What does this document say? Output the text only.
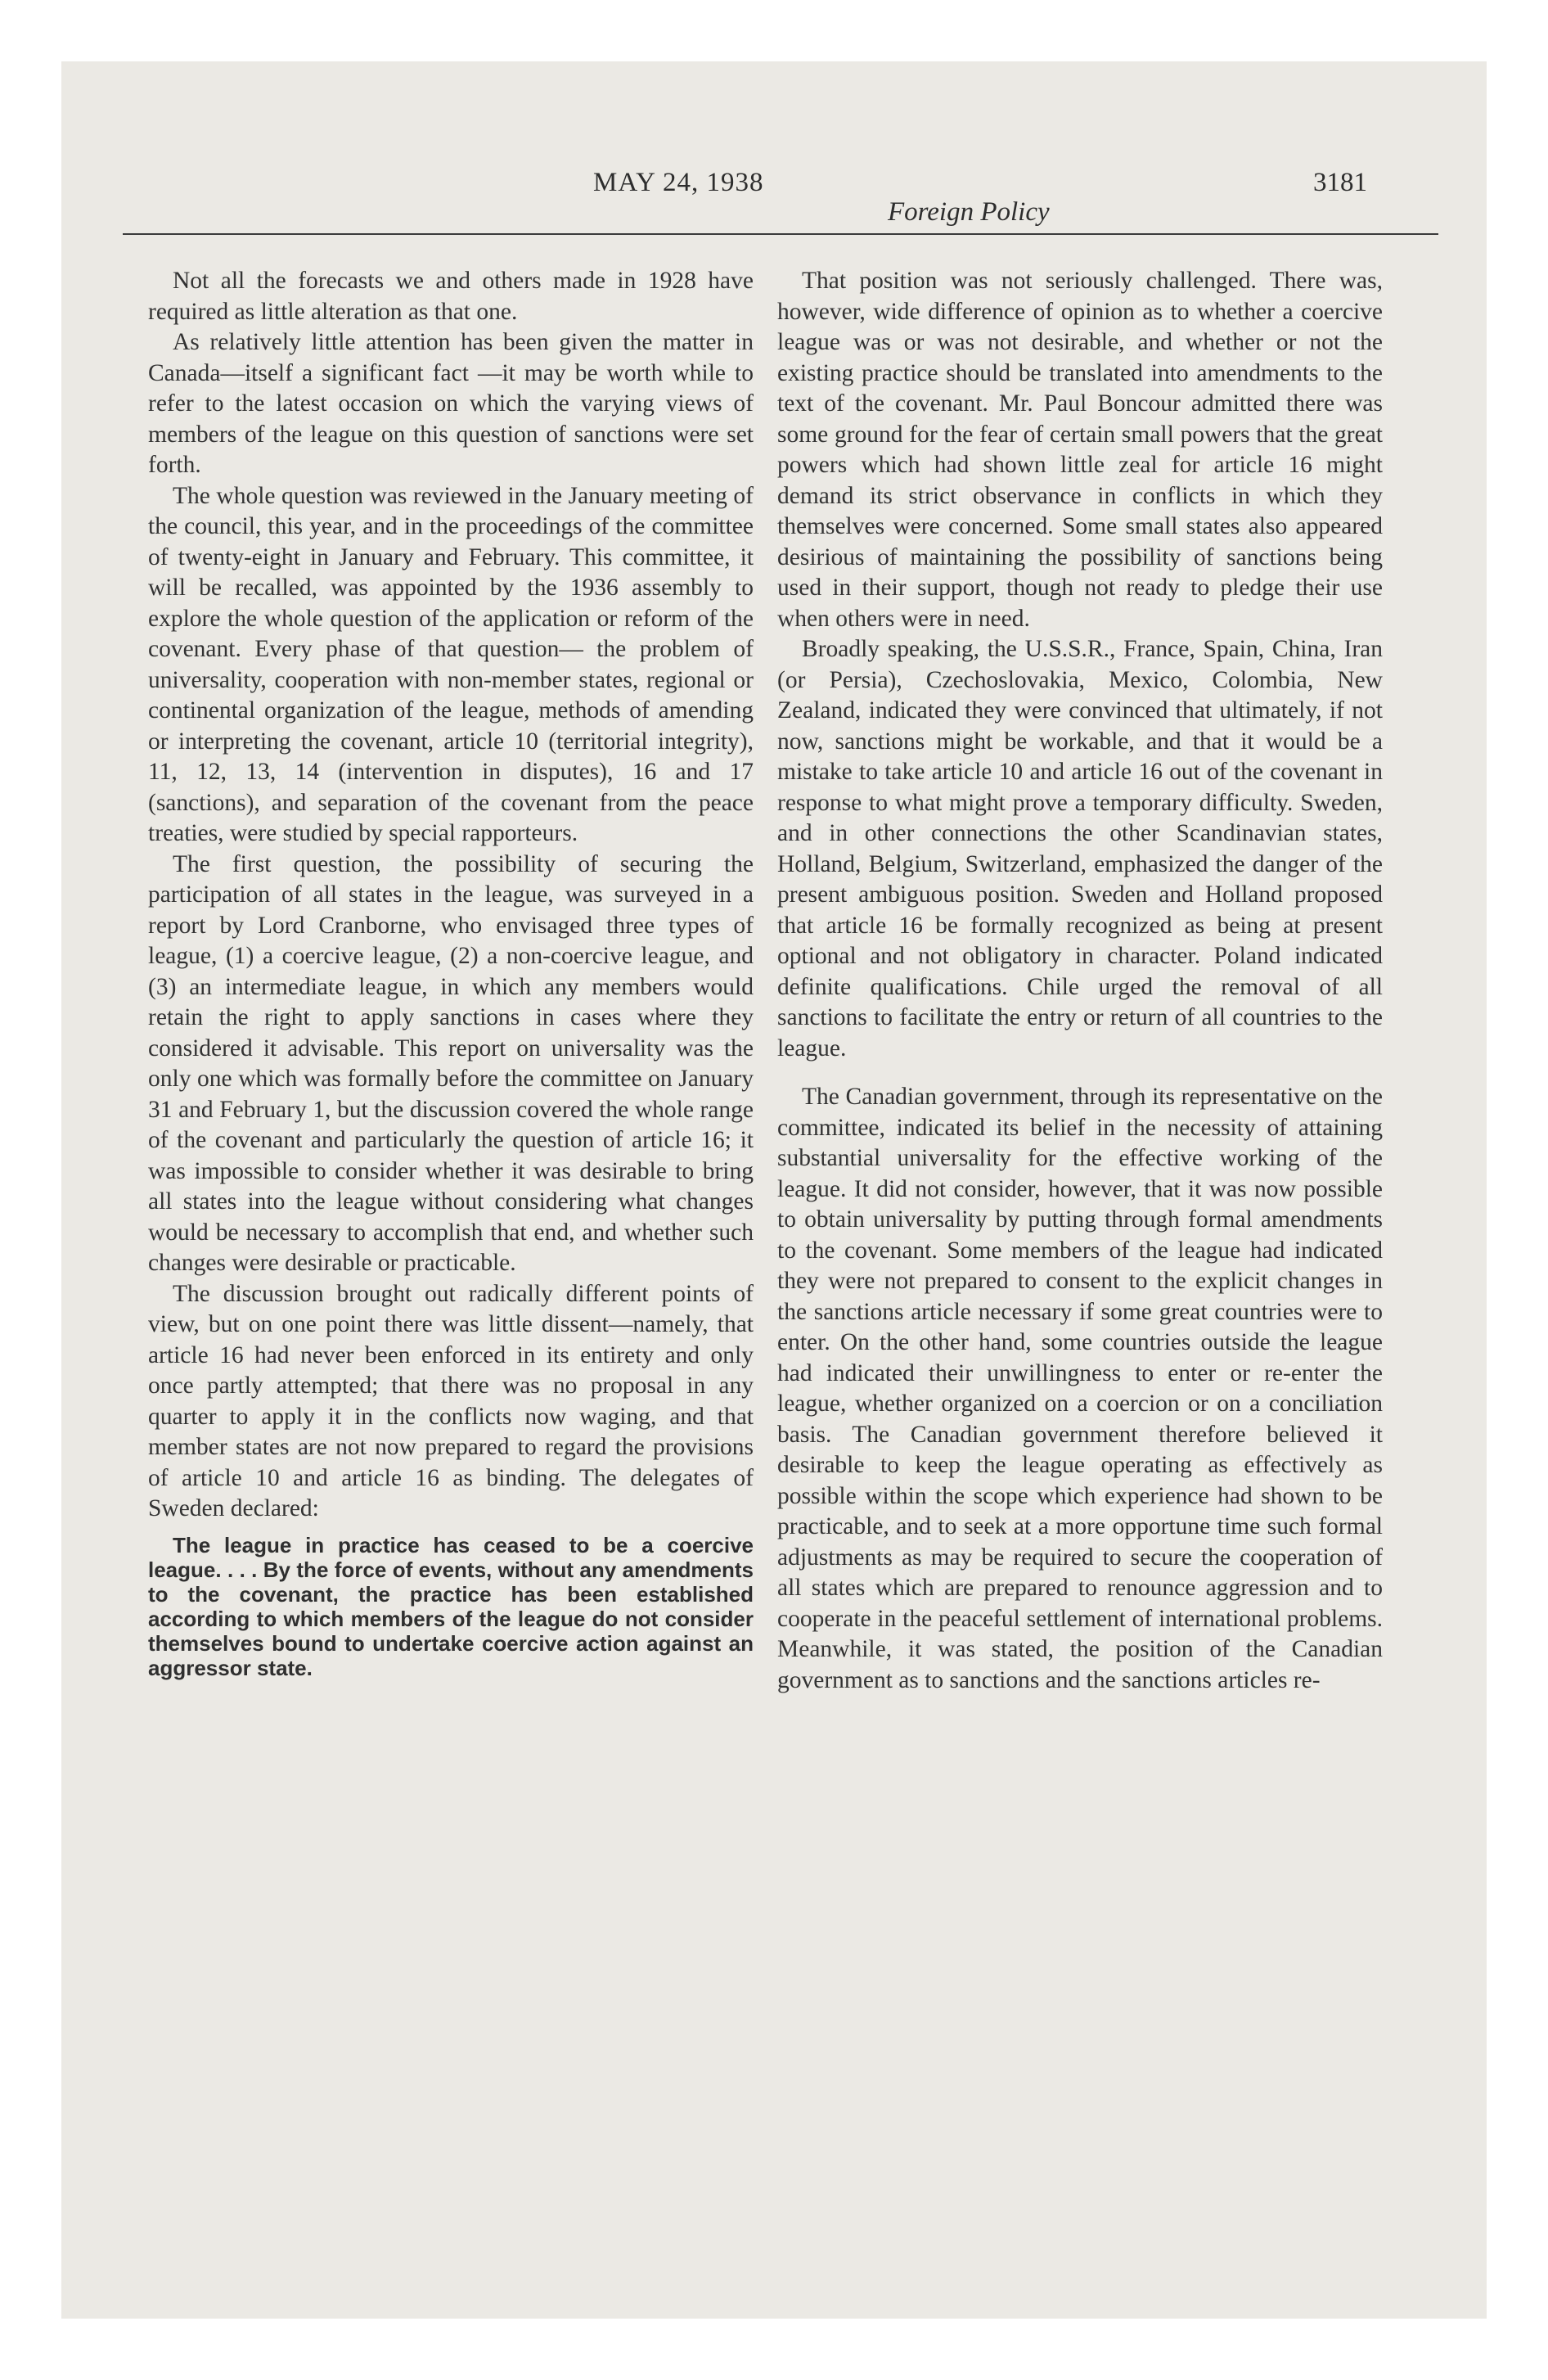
MAY 24, 1938
Foreign Policy
3181

Not all the forecasts we and others made in 1928 have required as little alteration as that one.

As relatively little attention has been given the matter in Canada—itself a significant fact —it may be worth while to refer to the latest occasion on which the varying views of members of the league on this question of sanctions were set forth.

The whole question was reviewed in the January meeting of the council, this year, and in the proceedings of the committee of twenty-eight in January and February. This committee, it will be recalled, was appointed by the 1936 assembly to explore the whole question of the application or reform of the covenant. Every phase of that question— the problem of universality, cooperation with non-member states, regional or continental organization of the league, methods of amending or interpreting the covenant, article 10 (territorial integrity), 11, 12, 13, 14 (intervention in disputes), 16 and 17 (sanctions), and separation of the covenant from the peace treaties, were studied by special rapporteurs.

The first question, the possibility of securing the participation of all states in the league, was surveyed in a report by Lord Cranborne, who envisaged three types of league, (1) a coercive league, (2) a non-coercive league, and (3) an intermediate league, in which any members would retain the right to apply sanctions in cases where they considered it advisable. This report on universality was the only one which was formally before the committee on January 31 and February 1, but the discussion covered the whole range of the covenant and particularly the question of article 16; it was impossible to consider whether it was desirable to bring all states into the league without considering what changes would be necessary to accomplish that end, and whether such changes were desirable or practicable.

The discussion brought out radically different points of view, but on one point there was little dissent—namely, that article 16 had never been enforced in its entirety and only once partly attempted; that there was no proposal in any quarter to apply it in the conflicts now waging, and that member states are not now prepared to regard the provisions of article 10 and article 16 as binding. The delegates of Sweden declared:

The league in practice has ceased to be a coercive league. . . . By the force of events, without any amendments to the covenant, the practice has been established according to which members of the league do not consider themselves bound to undertake coercive action against an aggressor state.

That position was not seriously challenged. There was, however, wide difference of opinion as to whether a coercive league was or was not desirable, and whether or not the existing practice should be translated into amendments to the text of the covenant. Mr. Paul Boncour admitted there was some ground for the fear of certain small powers that the great powers which had shown little zeal for article 16 might demand its strict observance in conflicts in which they themselves were concerned. Some small states also appeared desirious of maintaining the possibility of sanctions being used in their support, though not ready to pledge their use when others were in need.

Broadly speaking, the U.S.S.R., France, Spain, China, Iran (or Persia), Czechoslovakia, Mexico, Colombia, New Zealand, indicated they were convinced that ultimately, if not now, sanctions might be workable, and that it would be a mistake to take article 10 and article 16 out of the covenant in response to what might prove a temporary difficulty. Sweden, and in other connections the other Scandinavian states, Holland, Belgium, Switzerland, emphasized the danger of the present ambiguous position. Sweden and Holland proposed that article 16 be formally recognized as being at present optional and not obligatory in character. Poland indicated definite qualifications. Chile urged the removal of all sanctions to facilitate the entry or return of all countries to the league.

The Canadian government, through its representative on the committee, indicated its belief in the necessity of attaining substantial universality for the effective working of the league. It did not consider, however, that it was now possible to obtain universality by putting through formal amendments to the covenant. Some members of the league had indicated they were not prepared to consent to the explicit changes in the sanctions article necessary if some great countries were to enter. On the other hand, some countries outside the league had indicated their unwillingness to enter or re-enter the league, whether organized on a coercion or on a conciliation basis. The Canadian government therefore believed it desirable to keep the league operating as effectively as possible within the scope which experience had shown to be practicable, and to seek at a more opportune time such formal adjustments as may be required to secure the cooperation of all states which are prepared to renounce aggression and to cooperate in the peaceful settlement of international problems. Meanwhile, it was stated, the position of the Canadian government as to sanctions and the sanctions articles re-
